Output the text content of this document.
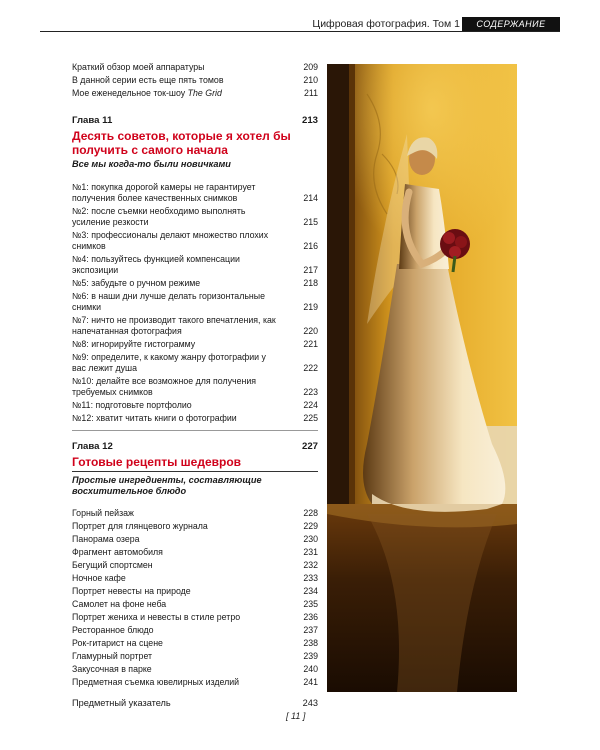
Цифровая фотография. Том 1	СОДЕРЖАНИЕ
Краткий обзор моей аппаратуры	209
В данной серии есть еще пять томов	210
Мое еженедельное ток-шоу The Grid	211
Глава 11	213
Десять советов, которые я хотел бы получить с самого начала
Все мы когда-то были новичками
№1: покупка дорогой камеры не гарантирует получения более качественных снимков	214
№2: после съемки необходимо выполнять усиление резкости	215
№3: профессионалы делают множество плохих снимков	216
№4: пользуйтесь функцией компенсации экспозиции	217
№5: забудьте о ручном режиме	218
№6: в наши дни лучше делать горизонтальные снимки	219
№7: ничто не производит такого впечатления, как напечатанная фотография	220
№8: игнорируйте гистограмму	221
№9: определите, к какому жанру фотографии у вас лежит душа	222
№10: делайте все возможное для получения требуемых снимков	223
№11: подготовьте портфолио	224
№12: хватит читать книги о фотографии	225
Глава 12	227
Готовые рецепты шедевров
Простые ингредиенты, составляющие восхитительное блюдо
Горный пейзаж	228
Портрет для глянцевого журнала	229
Панорама озера	230
Фрагмент автомобиля	231
Бегущий спортсмен	232
Ночное кафе	233
Портрет невесты на природе	234
Самолет на фоне неба	235
Портрет жениха и невесты в стиле ретро	236
Ресторанное блюдо	237
Рок-гитарист на сцене	238
Гламурный портрет	239
Закусочная в парке	240
Предметная съемка ювелирных изделий	241
Предметный указатель	243
[ 11 ]
